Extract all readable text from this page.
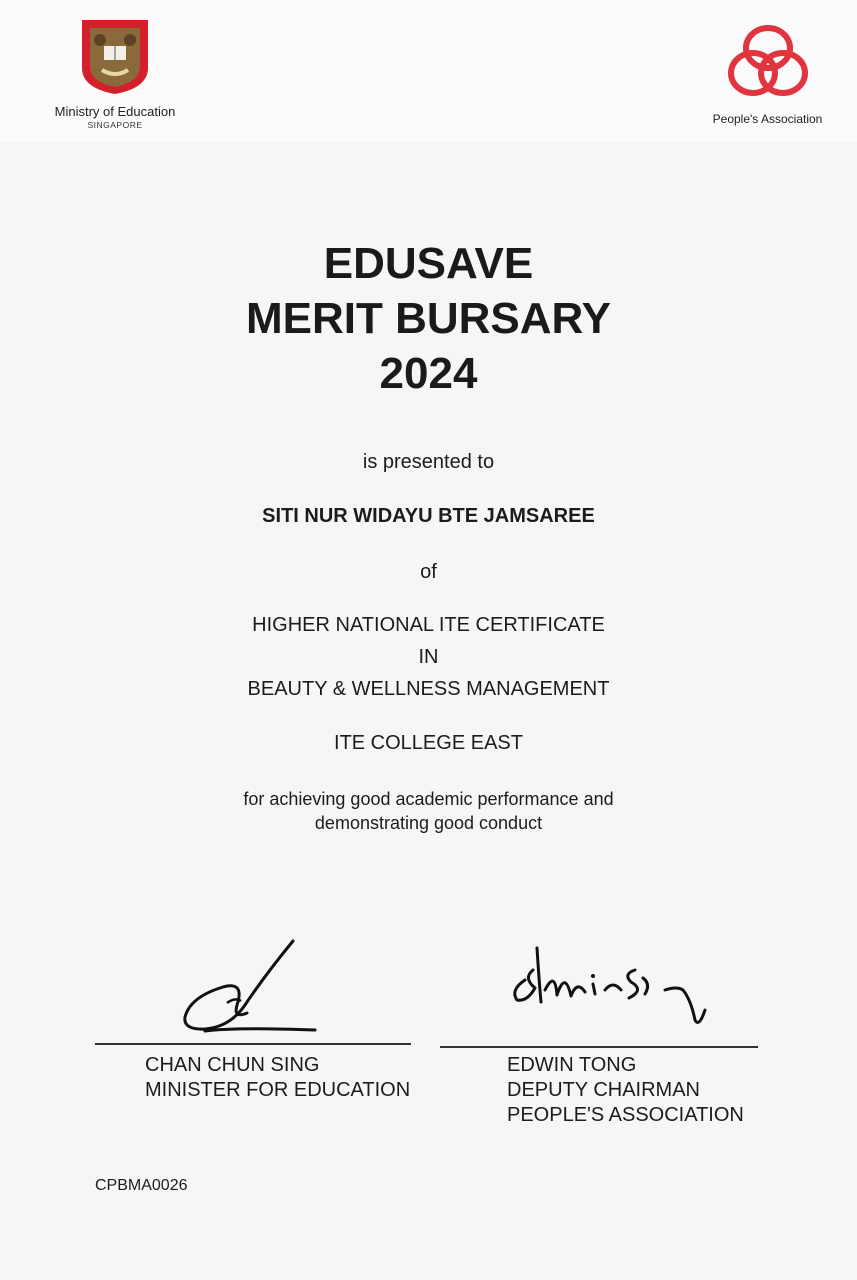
Ministry of Education
SINGAPORE	People's Association
EDUSAVE
MERIT BURSARY
2024
is presented to
SITI NUR WIDAYU BTE JAMSAREE
of
HIGHER NATIONAL ITE CERTIFICATE
IN
BEAUTY & WELLNESS MANAGEMENT
ITE COLLEGE EAST
for achieving good academic performance and
demonstrating good conduct
CHAN CHUN SING
MINISTER FOR EDUCATION
EDWIN TONG
DEPUTY CHAIRMAN
PEOPLE'S ASSOCIATION
CPBMA0026
